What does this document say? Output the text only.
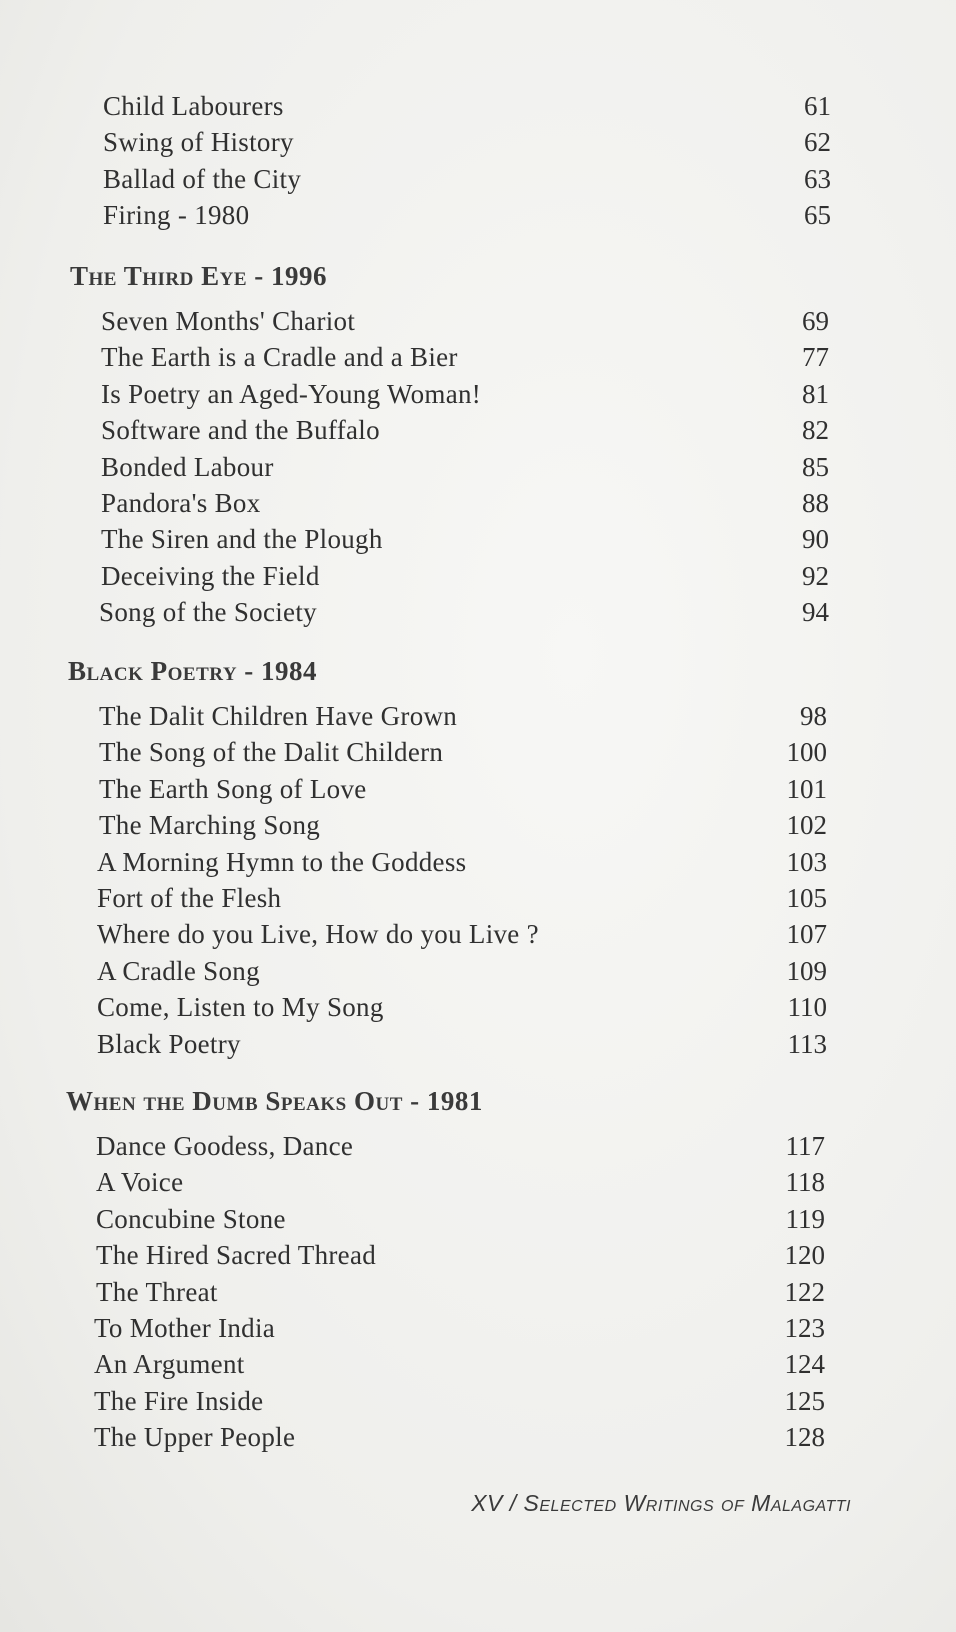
Child Labourers	61
Swing of History	62
Ballad of the City	63
Firing - 1980	65
The Third Eye - 1996
Seven Months' Chariot	69
The Earth is a Cradle and a Bier	77
Is Poetry an Aged-Young Woman!	81
Software and the Buffalo	82
Bonded Labour	85
Pandora's Box	88
The Siren and the Plough	90
Deceiving the Field	92
Song of the Society	94
Black Poetry - 1984
The Dalit Children Have Grown	98
The Song of the Dalit Childern	100
The Earth Song of Love	101
The Marching Song	102
A Morning Hymn to the Goddess	103
Fort of the Flesh	105
Where do you Live, How do you Live ?	107
A Cradle Song	109
Come, Listen to My Song	110
Black Poetry	113
When the Dumb Speaks Out - 1981
Dance Goodess, Dance	117
A Voice	118
Concubine Stone	119
The Hired Sacred Thread	120
The Threat	122
To Mother India	123
An Argument	124
The Fire Inside	125
The Upper People	128
XV / Selected Writings of Malagatti
